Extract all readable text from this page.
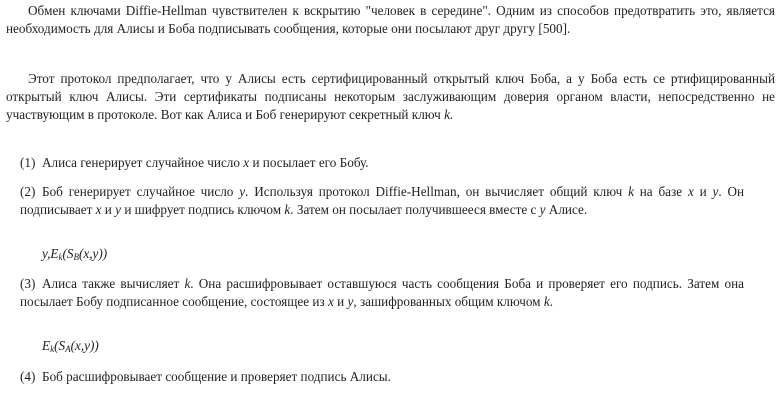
Обмен ключами Diffie-Hellman чувствителен к вскрытию "человек в середине". Одним из способов предотвратить это, является необходимость для Алисы и Боба подписывать сообщения, которые они посылают друг другу [500].

Этот протокол предполагает, что у Алисы есть сертифицированный открытый ключ Боба, а у Боба есть се ртифицированный открытый ключ Алисы. Эти сертификаты подписаны некоторым заслуживающим доверия органом власти, непосредственно не участвующим в протоколе. Вот как Алиса и Боб генерируют секретный ключ k.

(1) Алиса генерирует случайное число x и посылает его Бобу.

(2) Боб генерирует случайное число y. Используя протокол Diffie-Hellman, он вычисляет общий ключ k на базе x и y. Он подписывает x и y и шифрует подпись ключом k. Затем он посылает получившееся вместе с y Алисе.
$y,E_k(S_B(x,y))$
(3) Алиса также вычисляет k. Она расшифровывает оставшуюся часть сообщения Боба и проверяет его подпись. Затем она посылает Бобу подписанное сообщение, состоящее из x и y, зашифрованных общим ключом k.
$E_k(S_A(x,y))$

(4) Боб расшифровывает сообщение и проверяет подпись Алисы.
